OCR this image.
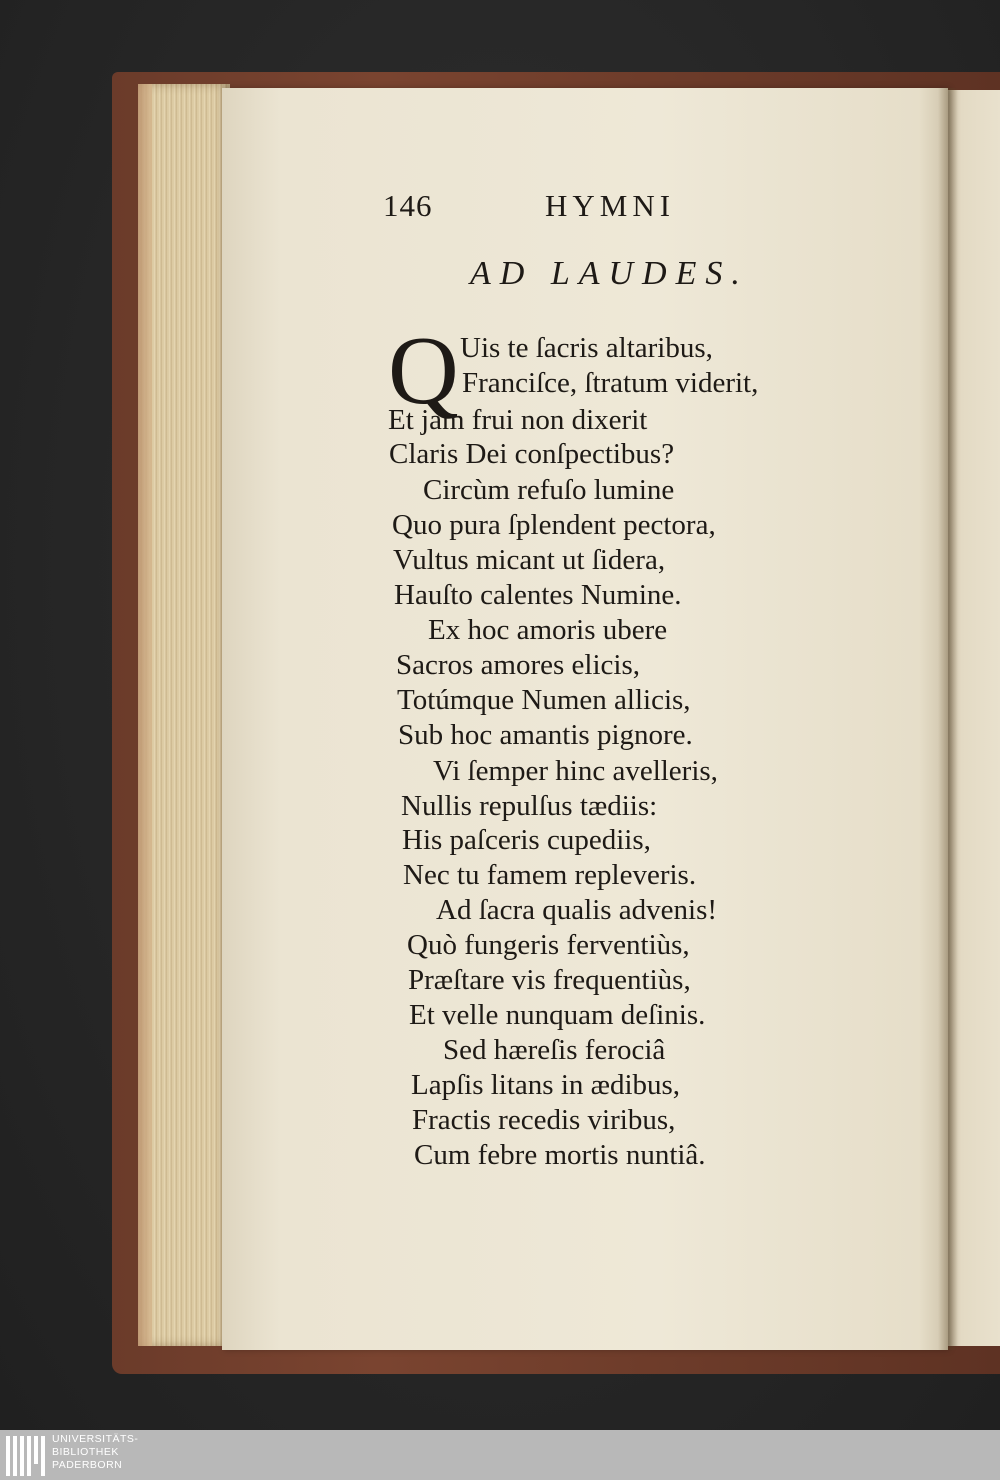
146	HYMNI
AD LAUDES.
Q Uis te ſacris altaribus,
Franciſce, ſtratum viderit,
Et jam frui non dixerit
Claris Dei conſpectibus?
Circùm refuſo lumine
Quo pura ſplendent pectora,
Vultus micant ut ſidera,
Hauſto calentes Numine.
Ex hoc amoris ubere
Sacros amores elicis,
Totúmque Numen allicis,
Sub hoc amantis pignore.
Vi ſemper hinc avelleris,
Nullis repulſus tædiis:
His paſceris cupediis,
Nec tu famem repleveris.
Ad ſacra qualis advenis!
Quò fungeris ferventiùs,
Præſtare vis frequentiùs,
Et velle nunquam deſinis.
Sed hæreſis ferociâ
Lapſis litans in ædibus,
Fractis recedis viribus,
Cum febre mortis nuntiâ.
UNIVERSITÄTS-
BIBLIOTHEK
PADERBORN
